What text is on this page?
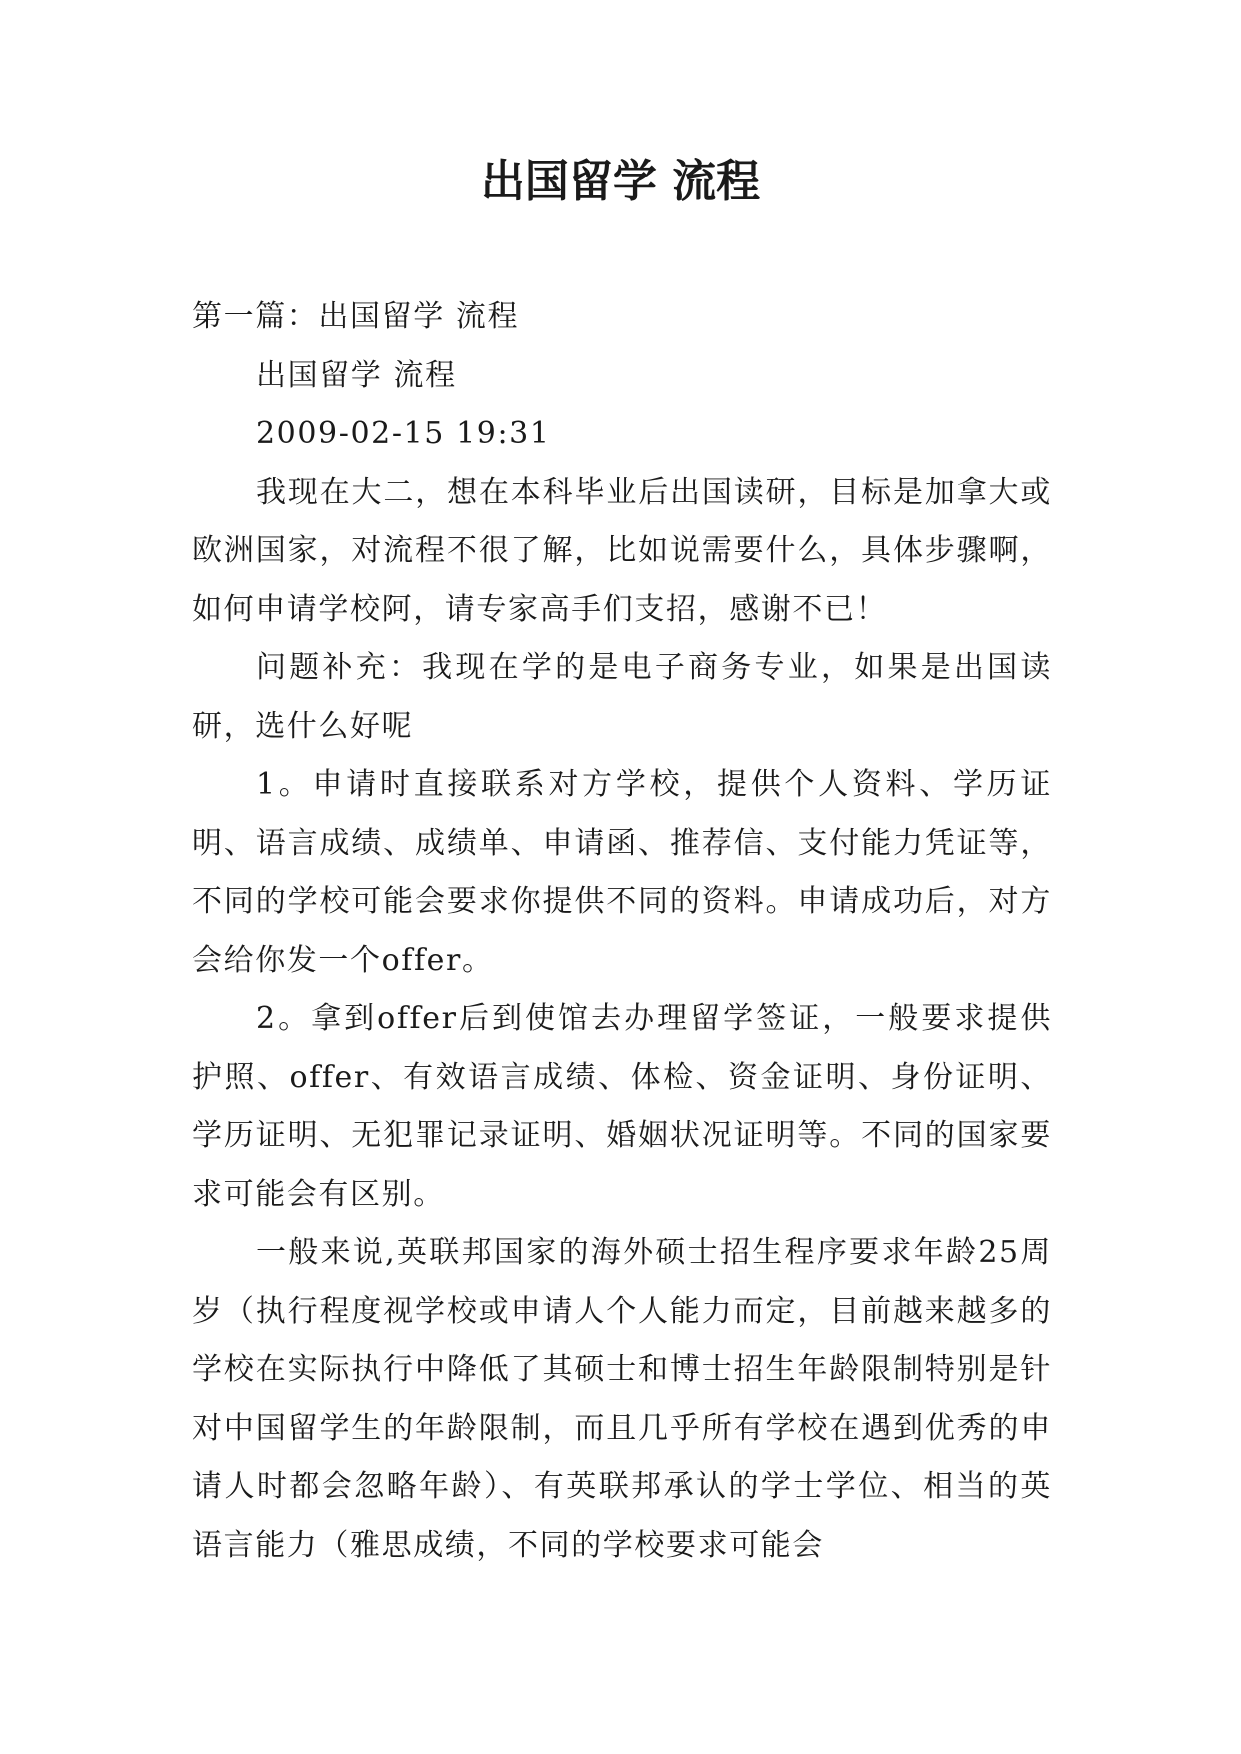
出国留学 流程

第一篇：出国留学 流程

出国留学 流程

2009-02-15 19:31

我现在大二，想在本科毕业后出国读研，目标是加拿大或欧洲国家，对流程不很了解，比如说需要什么，具体步骤啊，如何申请学校阿，请专家高手们支招，感谢不已！

问题补充：我现在学的是电子商务专业，如果是出国读研，选什么好呢

1。申请时直接联系对方学校，提供个人资料、学历证明、语言成绩、成绩单、申请函、推荐信、支付能力凭证等，不同的学校可能会要求你提供不同的资料。申请成功后，对方会给你发一个offer。

2。拿到offer后到使馆去办理留学签证，一般要求提供护照、offer、有效语言成绩、体检、资金证明、身份证明、学历证明、无犯罪记录证明、婚姻状况证明等。不同的国家要求可能会有区别。

一般来说,英联邦国家的海外硕士招生程序要求年龄25周岁（执行程度视学校或申请人个人能力而定，目前越来越多的学校在实际执行中降低了其硕士和博士招生年龄限制特别是针对中国留学生的年龄限制，而且几乎所有学校在遇到优秀的申请人时都会忽略年龄）、有英联邦承认的学士学位、相当的英语言能力（雅思成绩，不同的学校要求可能会
